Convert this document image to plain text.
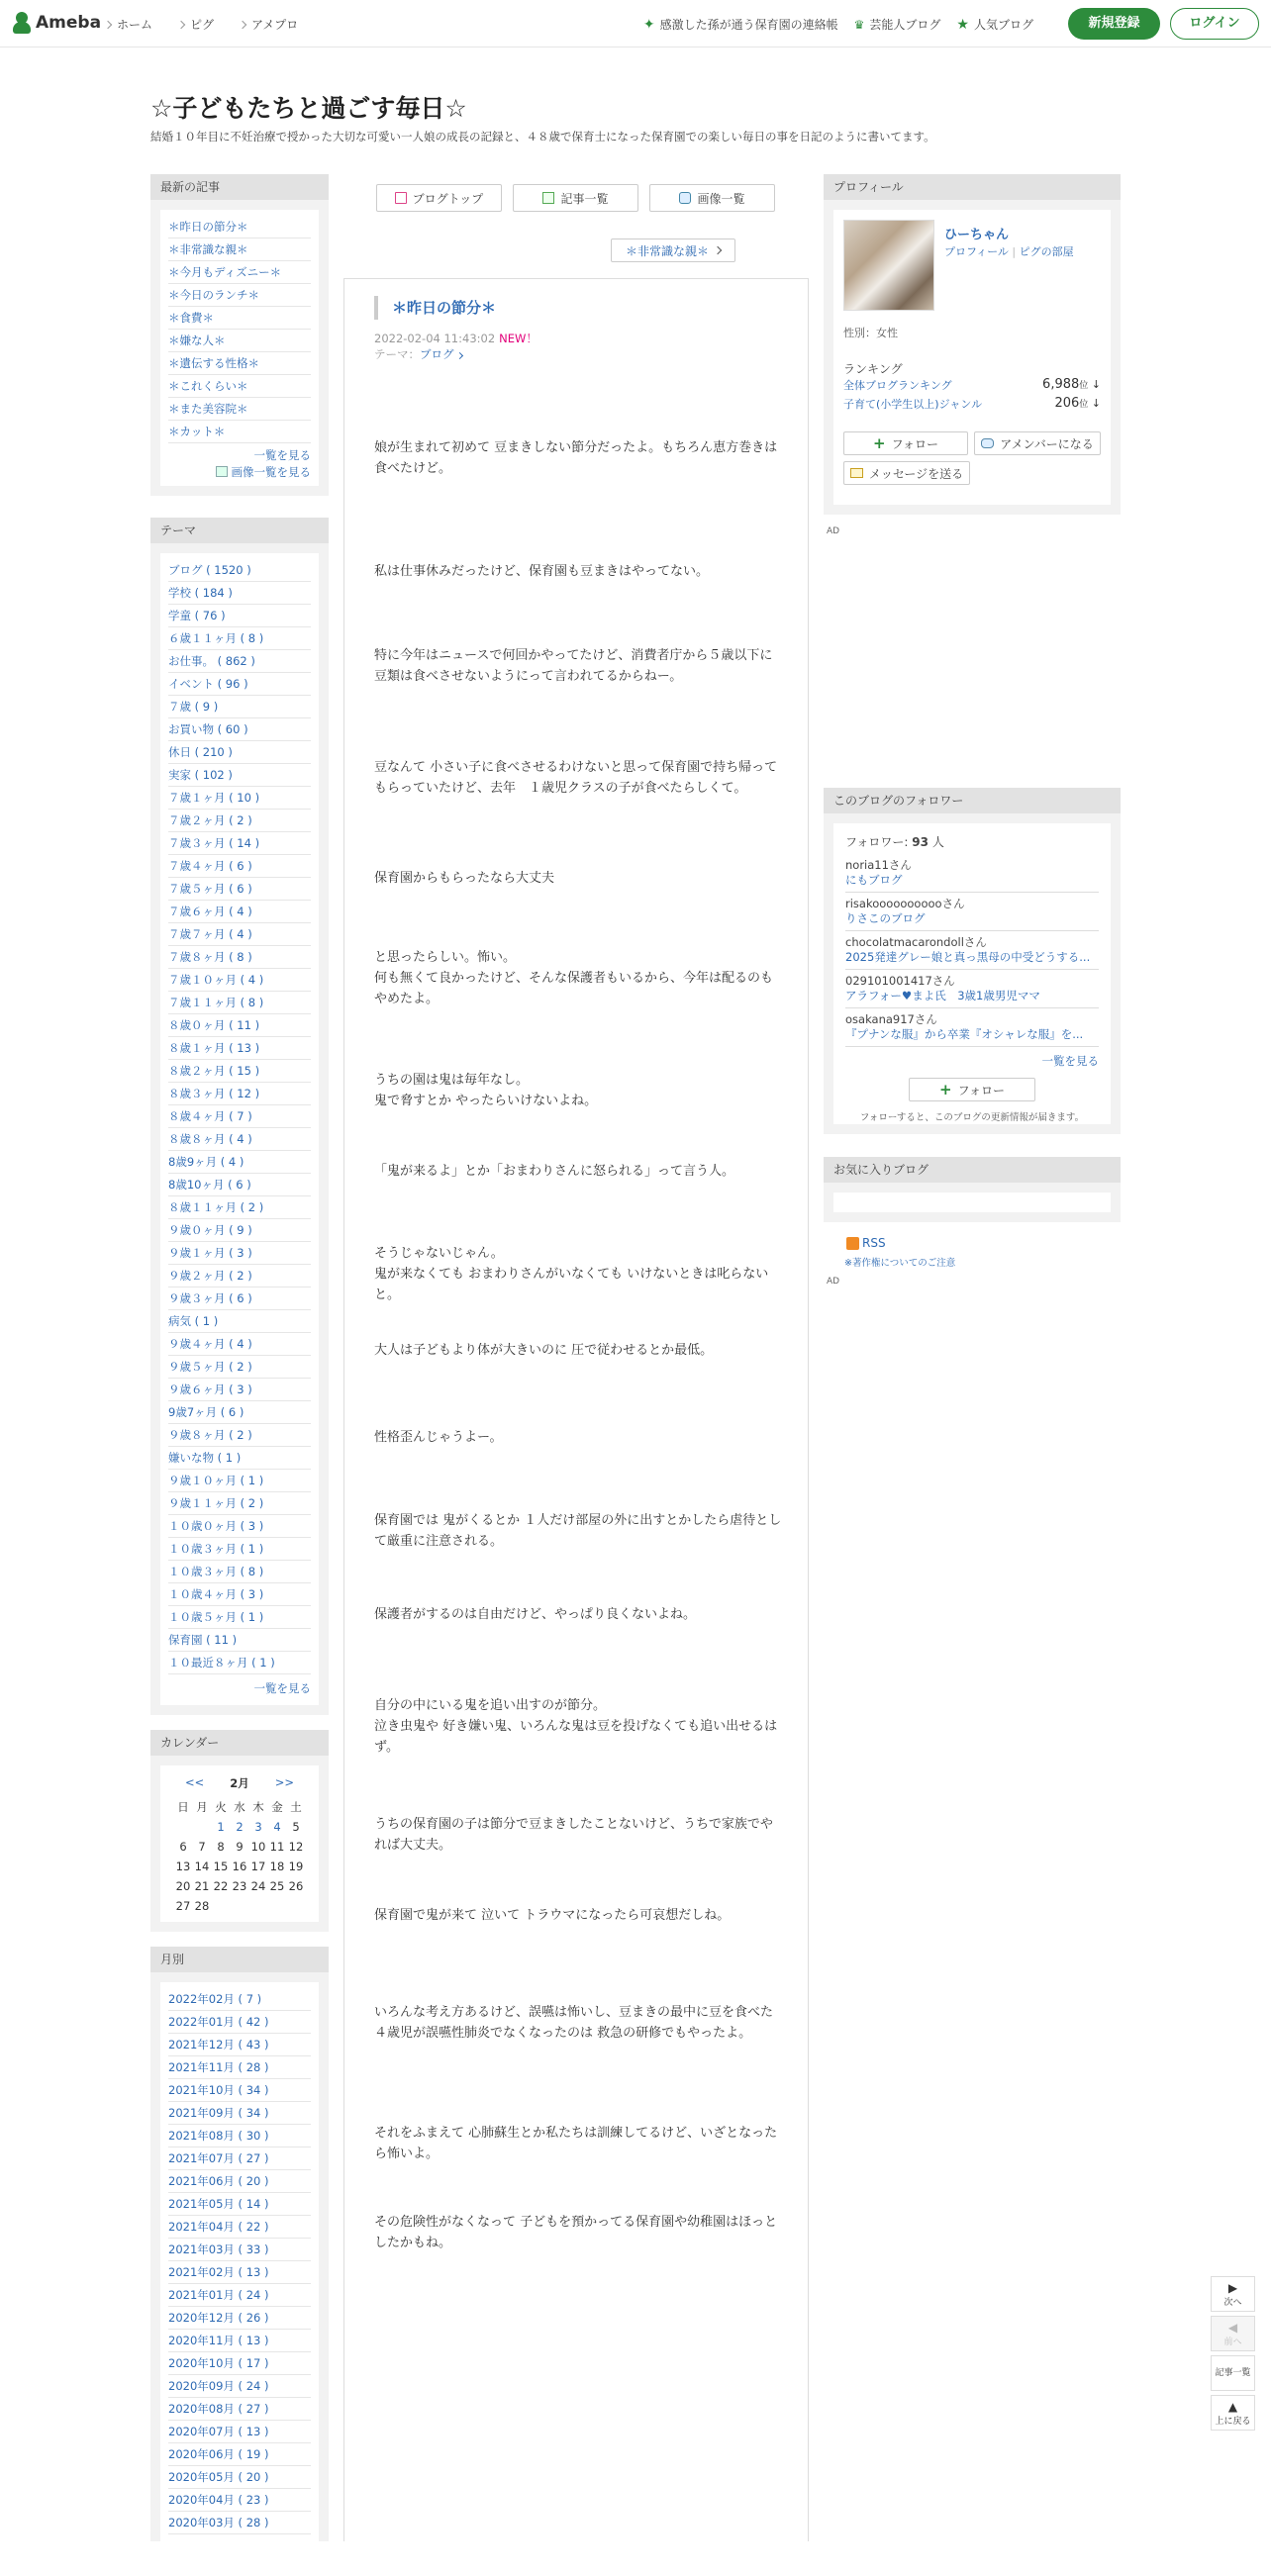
Ameba ホーム	ピグ	アメプロ	✦ 感激した孫が通う保育園の連絡帳 ♛ 芸能人ブログ ★ 人気ブログ	新規登録	ログイン
☆子どもたちと過ごす毎日☆
結婚１０年目に不妊治療で授かった大切な可愛い一人娘の成長の記録と、４８歳で保育士になった保育園での楽しい毎日の事を日記のように書いてます。
最新の記事
＊昨日の節分＊
＊非常識な親＊
＊今月もディズニー＊
＊今日のランチ＊
＊食費＊
＊嫌な人＊
＊遺伝する性格＊
＊これくらい＊
＊また美容院＊
＊カット＊
一覧を見る
画像一覧を見る
テーマ
ブログ ( 1520 )
学校 ( 184 )
学童 ( 76 )
６歳１１ヶ月 ( 8 )
お仕事。 ( 862 )
イベント ( 96 )
７歳 ( 9 )
お買い物 ( 60 )
休日 ( 210 )
実家 ( 102 )
７歳１ヶ月 ( 10 )
７歳２ヶ月 ( 2 )
７歳３ヶ月 ( 14 )
７歳４ヶ月 ( 6 )
７歳５ヶ月 ( 6 )
７歳６ヶ月 ( 4 )
７歳７ヶ月 ( 4 )
７歳８ヶ月 ( 8 )
７歳１０ヶ月 ( 4 )
７歳１１ヶ月 ( 8 )
８歳０ヶ月 ( 11 )
８歳１ヶ月 ( 13 )
８歳２ヶ月 ( 15 )
８歳３ヶ月 ( 12 )
８歳４ヶ月 ( 7 )
８歳８ヶ月 ( 4 )
8歳9ヶ月 ( 4 )
8歳10ヶ月 ( 6 )
８歳１１ヶ月 ( 2 )
９歳０ヶ月 ( 9 )
９歳１ヶ月 ( 3 )
９歳２ヶ月 ( 2 )
９歳３ヶ月 ( 6 )
病気 ( 1 )
９歳４ヶ月 ( 4 )
９歳５ヶ月 ( 2 )
９歳６ヶ月 ( 3 )
9歳7ヶ月 ( 6 )
９歳８ヶ月 ( 2 )
嫌いな物 ( 1 )
９歳１０ヶ月 ( 1 )
９歳１１ヶ月 ( 2 )
１０歳０ヶ月 ( 3 )
１０歳３ヶ月 ( 1 )
１０歳３ヶ月 ( 8 )
１０歳４ヶ月 ( 3 )
１０歳５ヶ月 ( 1 )
保育園 ( 11 )
１０最近８ヶ月 ( 1 )
一覧を見る
カレンダー
<< 2月 >>
日	月	火	水	木	金	土
		1	2	3	4	5
6	7	8	9	10	11	12
13	14	15	16	17	18	19
20	21	22	23	24	25	26
27	28					
月別
2022年02月 ( 7 )
2022年01月 ( 42 )
2021年12月 ( 43 )
2021年11月 ( 28 )
2021年10月 ( 34 )
2021年09月 ( 34 )
2021年08月 ( 30 )
2021年07月 ( 27 )
2021年06月 ( 20 )
2021年05月 ( 14 )
2021年04月 ( 22 )
2021年03月 ( 33 )
2021年02月 ( 13 )
2021年01月 ( 24 )
2020年12月 ( 26 )
2020年11月 ( 13 )
2020年10月 ( 17 )
2020年09月 ( 24 )
2020年08月 ( 27 )
2020年07月 ( 13 )
2020年06月 ( 19 )
2020年05月 ( 20 )
2020年04月 ( 23 )
2020年03月 ( 28 )
ブログトップ	記事一覧	画像一覧
＊非常識な親＊
＊昨日の節分＊
2022-02-04 11:43:02 NEW！
テーマ：ブログ
娘が生まれて初めて 豆まきしない節分だったよ。もちろん恵方巻きは食べたけど。
私は仕事休みだったけど、保育園も豆まきはやってない。
特に今年はニュースで何回かやってたけど、消費者庁から５歳以下に豆類は食べさせないようにって言われてるからねー。
豆なんて 小さい子に食べさせるわけないと思って保育園で持ち帰ってもらっていたけど、去年　１歳児クラスの子が食べたらしくて。
保育園からもらったなら大丈夫
と思ったらしい。怖い。
何も無くて良かったけど、そんな保護者もいるから、今年は配るのもやめたよ。
うちの園は鬼は毎年なし。
鬼で脅すとか やったらいけないよね。
「鬼が来るよ」とか「おまわりさんに怒られる」って言う人。
そうじゃないじゃん。
鬼が来なくても おまわりさんがいなくても いけないときは叱らないと。
大人は子どもより体が大きいのに 圧で従わせるとか最低。
性格歪んじゃうよー。
保育園では 鬼がくるとか １人だけ部屋の外に出すとかしたら虐待として厳重に注意される。
保護者がするのは自由だけど、やっぱり良くないよね。
自分の中にいる鬼を追い出すのが節分。
泣き虫鬼や 好き嫌い鬼、いろんな鬼は豆を投げなくても追い出せるはず。
うちの保育園の子は節分で豆まきしたことないけど、うちで家族でやれば大丈夫。
保育園で鬼が来て 泣いて トラウマになったら可哀想だしね。
いろんな考え方あるけど、誤嚥は怖いし、豆まきの最中に豆を食べた４歳児が誤嚥性肺炎でなくなったのは 救急の研修でもやったよ。
それをふまえて 心肺蘇生とか私たちは訓練してるけど、いざとなったら怖いよ。
その危険性がなくなって 子どもを預かってる保育園や幼稚園はほっとしたかもね。
プロフィール
ひーちゃん
プロフィール | ピグの部屋
性別：女性
ランキング
全体ブログランキング	6,988位 ↓
子育て(小学生以上)ジャンル	206位 ↓
+ フォロー	アメンバーになる
メッセージを送る
AD
このブログのフォロワー
フォロワー: 93 人
noria11さん
にもブログ
risakooooooooooさん
りさこのブログ
chocolatmacarondollさん
2025発達グレー娘と真っ黒母の中受どうする...
029101001417さん
アラフォー♥まよ氏　3歳1歳男児ママ
osakana917さん
『プナンな服』から卒業『オシャレな服』を...
一覧を見る
+ フォロー
フォローすると、このブログの更新情報が届きます。
お気に入りブログ
RSS
※著作権についてのご注意
AD
▶
次へ
◀
前へ
記事一覧
▲
上に戻る
